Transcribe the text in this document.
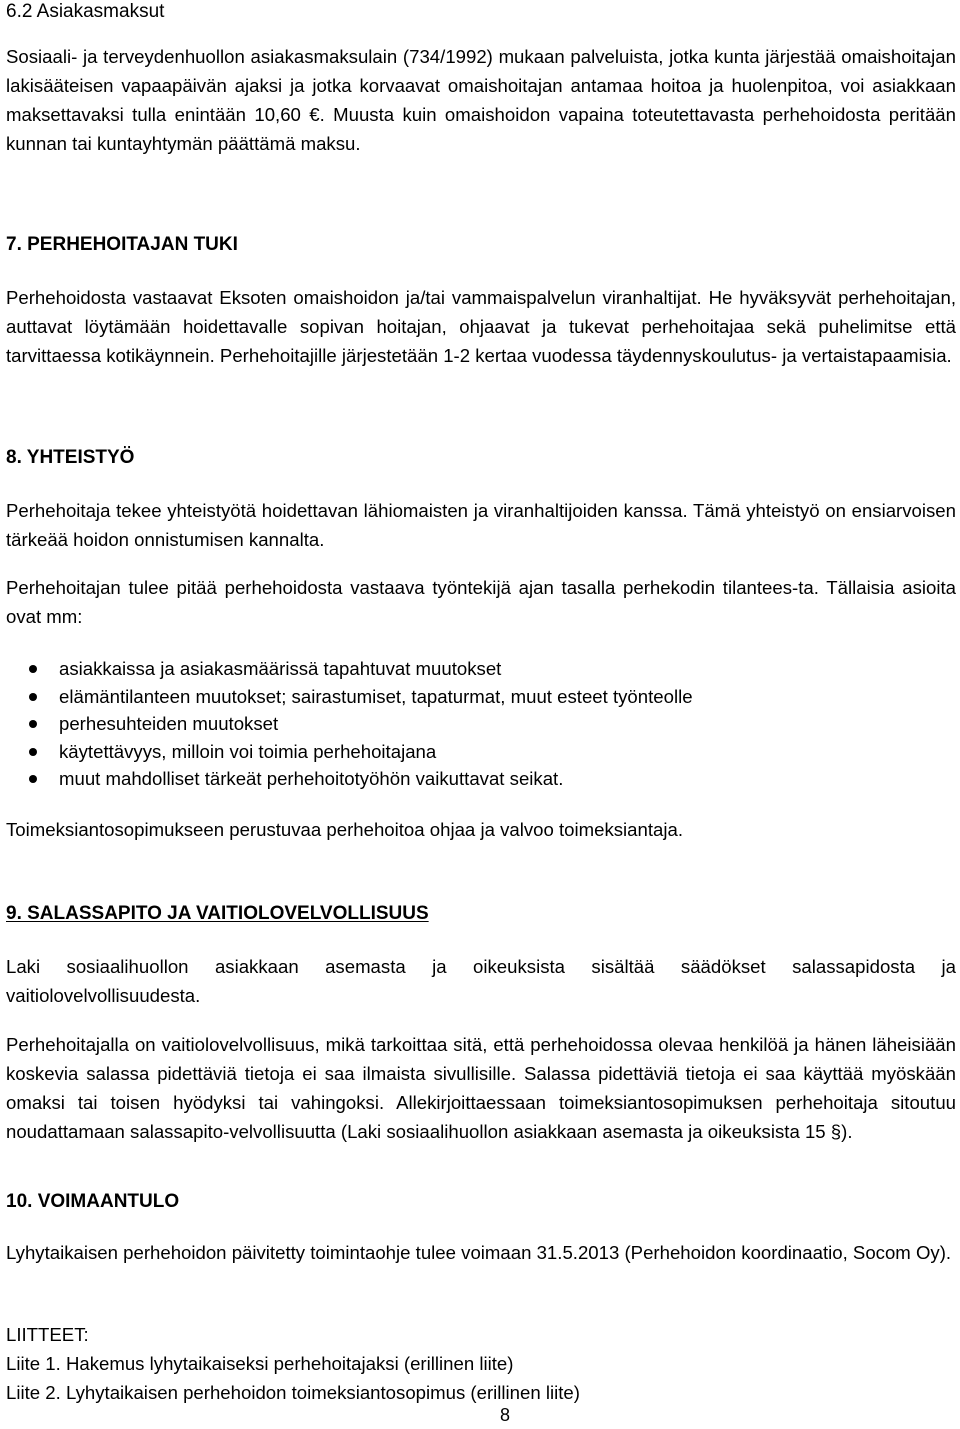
6.2 Asiakasmaksut

Sosiaali- ja terveydenhuollon asiakasmaksulain (734/1992) mukaan palveluista, jotka kunta järjestää omaishoitajan lakisääteisen vapaapäivän ajaksi ja jotka korvaavat omaishoitajan antamaa hoitoa ja huolenpitoa, voi asiakkaan maksettavaksi tulla enintään 10,60 €. Muusta kuin omaishoidon vapaina toteutettavasta perhehoidosta peritään kunnan tai kuntayhtymän päättämä maksu.

7. PERHEHOITAJAN TUKI

Perhehoidosta vastaavat Eksoten omaishoidon ja/tai vammaispalvelun viranhaltijat. He hyväksyvät perhehoitajan, auttavat löytämään hoidettavalle sopivan hoitajan, ohjaavat ja tukevat perhehoitajaa sekä puhelimitse että tarvittaessa kotikäynnein. Perhehoitajille järjestetään 1-2 kertaa vuodessa täydennyskoulutus- ja vertaistapaamisia.

8. YHTEISTYÖ

Perhehoitaja tekee yhteistyötä hoidettavan lähiomaisten ja viranhaltijoiden kanssa. Tämä yhteistyö on ensiarvoisen tärkeää hoidon onnistumisen kannalta.

Perhehoitajan tulee pitää perhehoidosta vastaava työntekijä ajan tasalla perhekodin tilantees-ta. Tällaisia asioita ovat mm:

asiakkaissa ja asiakasmäärissä tapahtuvat muutokset
elämäntilanteen muutokset; sairastumiset, tapaturmat, muut esteet työnteolle
perhesuhteiden muutokset
käytettävyys, milloin voi toimia perhehoitajana
muut mahdolliset tärkeät perhehoitotyöhön vaikuttavat seikat.

Toimeksiantosopimukseen perustuvaa perhehoitoa ohjaa ja valvoo toimeksiantaja.

9. SALASSAPITO JA VAITIOLOVELVOLLISUUS

Laki sosiaalihuollon asiakkaan asemasta ja oikeuksista sisältää säädökset salassapidosta ja vaitiolovelvollisuudesta.

Perhehoitajalla on vaitiolovelvollisuus, mikä tarkoittaa sitä, että perhehoidossa olevaa henkilöä ja hänen läheisiään koskevia salassa pidettäviä tietoja ei saa ilmaista sivullisille. Salassa pidettäviä tietoja ei saa käyttää myöskään omaksi tai toisen hyödyksi tai vahingoksi. Allekirjoittaessaan toimeksiantosopimuksen perhehoitaja sitoutuu noudattamaan salassapito-velvollisuutta (Laki sosiaalihuollon asiakkaan asemasta ja oikeuksista 15 §).

10. VOIMAANTULO

Lyhytaikaisen perhehoidon päivitetty toimintaohje tulee voimaan 31.5.2013 (Perhehoidon koordinaatio, Socom Oy).

LIITTEET:
Liite 1. Hakemus lyhytaikaiseksi perhehoitajaksi (erillinen liite)
Liite 2. Lyhytaikaisen perhehoidon toimeksiantosopimus (erillinen liite)
8
